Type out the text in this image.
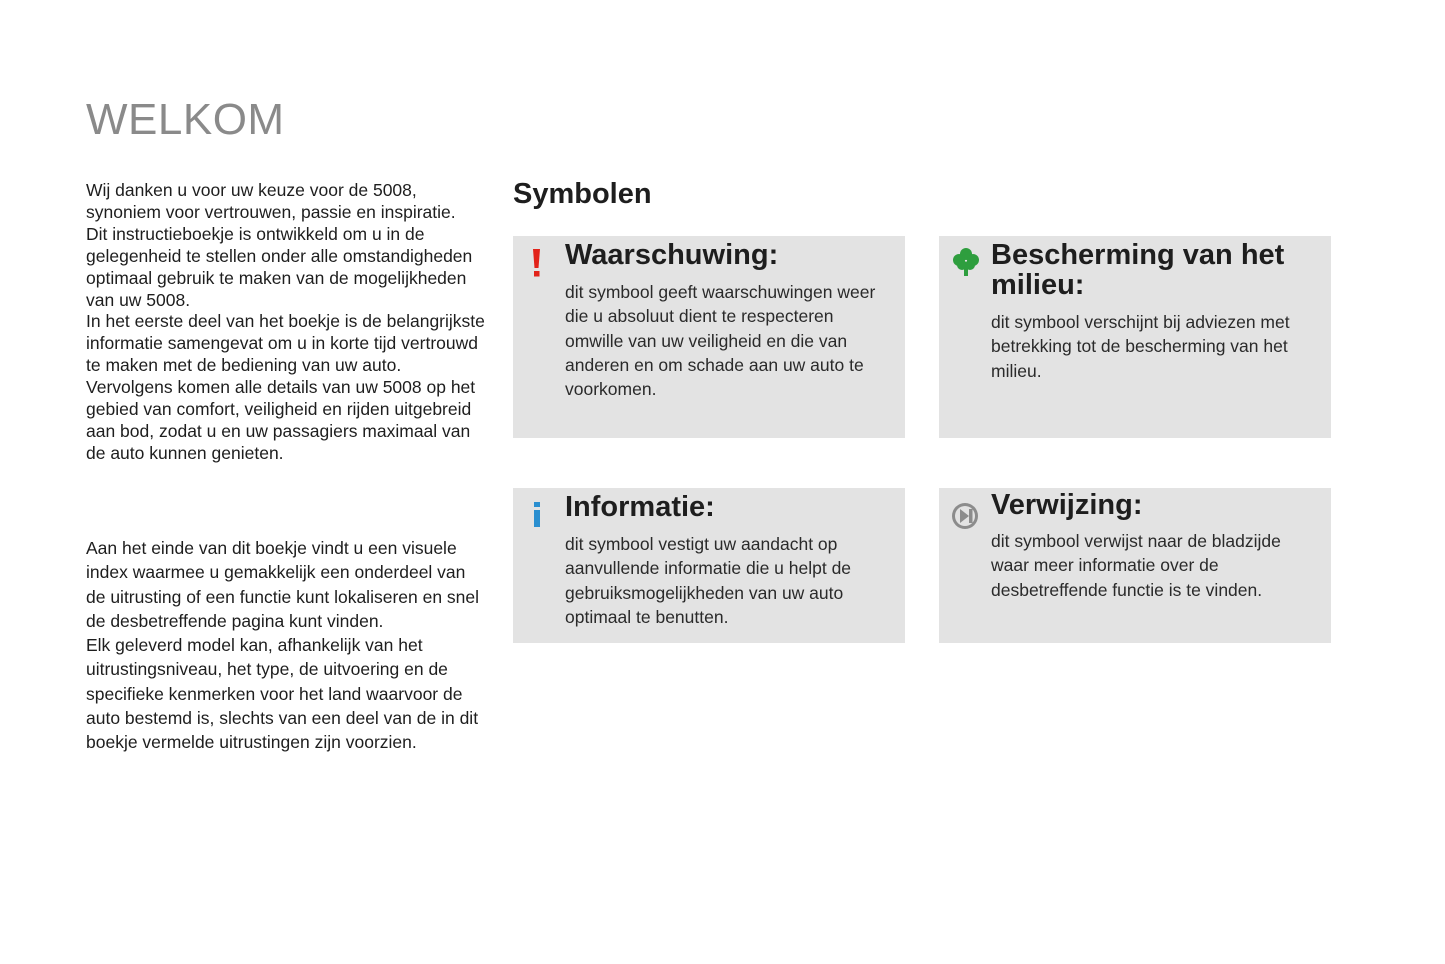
WELKOM

Wij danken u voor uw keuze voor de 5008, synoniem voor vertrouwen, passie en inspiratie.

Dit instructieboekje is ontwikkeld om u in de gelegenheid te stellen onder alle omstandigheden optimaal gebruik te maken van de mogelijkheden van uw 5008.

In het eerste deel van het boekje is de belangrijkste informatie samengevat om u in korte tijd vertrouwd te maken met de bediening van uw auto.

Vervolgens komen alle details van uw 5008 op het gebied van comfort, veiligheid en rijden uitgebreid aan bod, zodat u en uw passagiers maximaal van de auto kunnen genieten.

Aan het einde van dit boekje vindt u een visuele index waarmee u gemakkelijk een onderdeel van de uitrusting of een functie kunt lokaliseren en snel de desbetreffende pagina kunt vinden.

Elk geleverd model kan, afhankelijk van het uitrustingsniveau, het type, de uitvoering en de specifieke kenmerken voor het land waarvoor de auto bestemd is, slechts van een deel van de in dit boekje vermelde uitrustingen zijn voorzien.

Symbolen
Waarschuwing:

dit symbool geeft waarschuwingen weer die u absoluut dient te respecteren omwille van uw veiligheid en die van anderen en om schade aan uw auto te voorkomen.

Bescherming van het milieu:

dit symbool verschijnt bij adviezen met betrekking tot de bescherming van het milieu.

Informatie:

dit symbool vestigt uw aandacht op aanvullende informatie die u helpt de gebruiksmogelijkheden van uw auto optimaal te benutten.

Verwijzing:

dit symbool verwijst naar de bladzijde waar meer informatie over de desbetreffende functie is te vinden.
